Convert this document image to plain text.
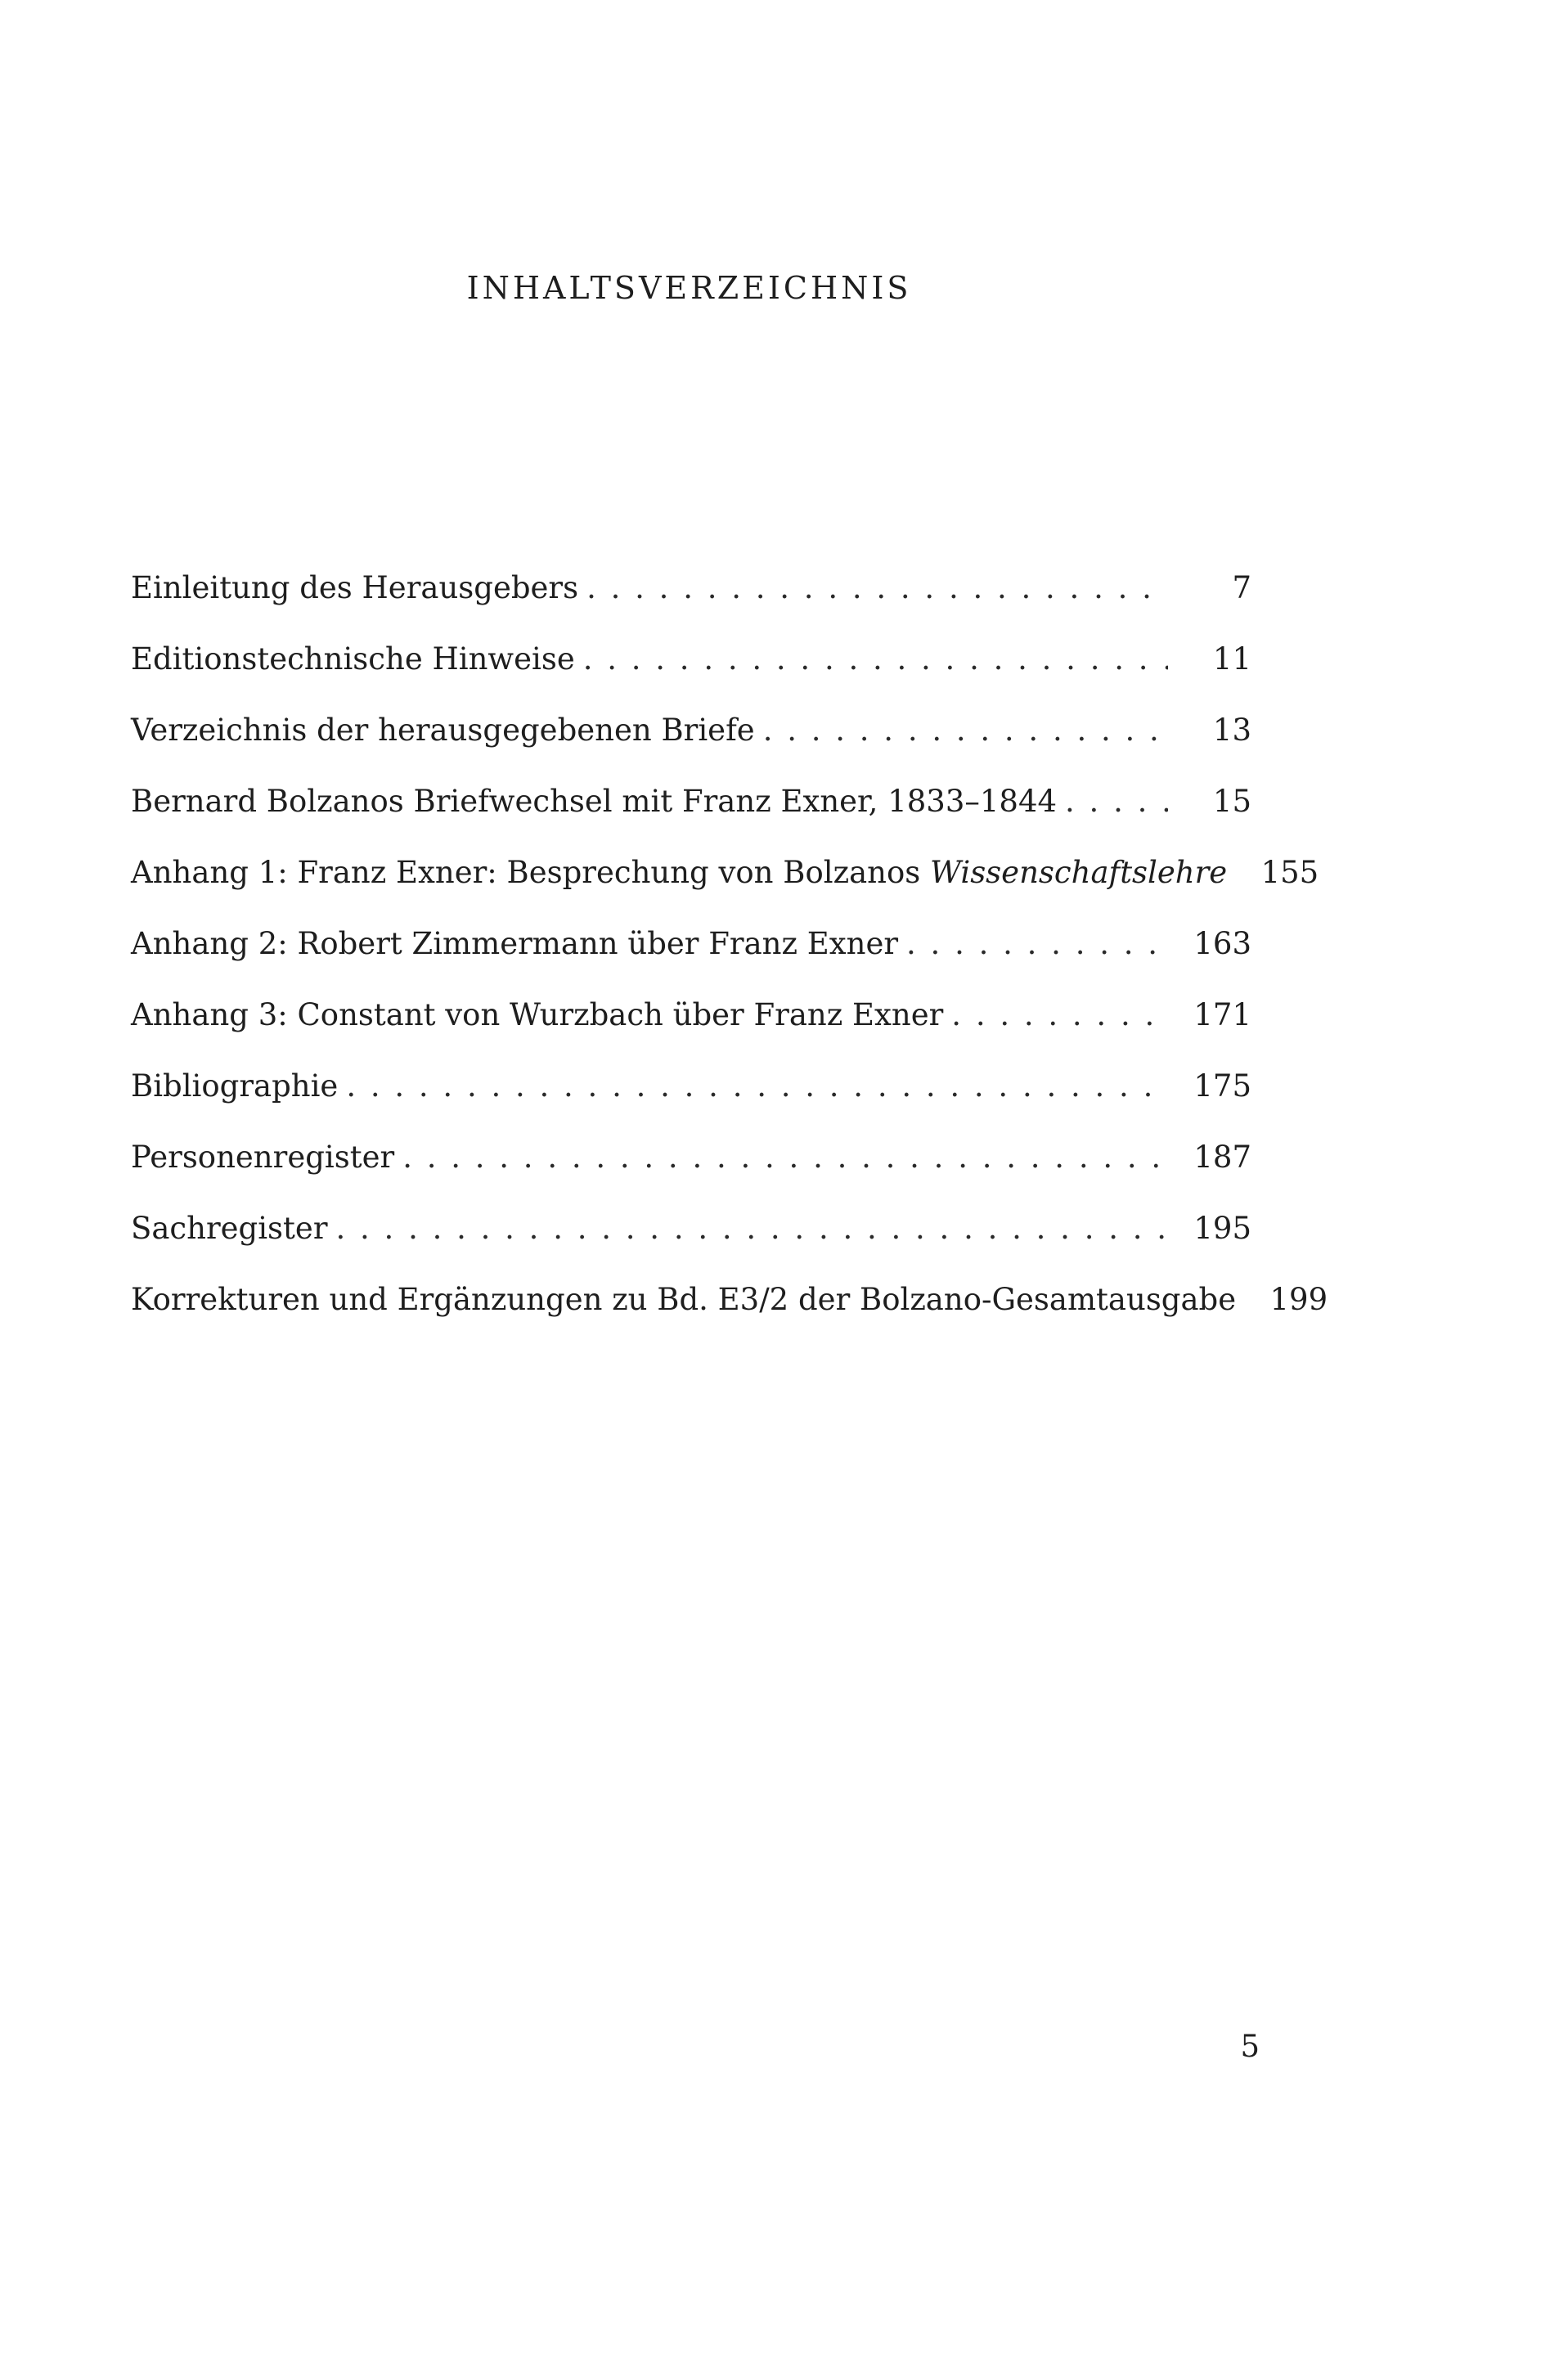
INHALTSVERZEICHNIS
Einleitung des Herausgebers . . .	7
Editionstechnische Hinweise . . .	11
Verzeichnis der herausgegebenen Briefe . . .	13
Bernard Bolzanos Briefwechsel mit Franz Exner, 1833–1844 . . .	15
Anhang 1: Franz Exner: Besprechung von Bolzanos Wissenschaftslehre	155
Anhang 2: Robert Zimmermann über Franz Exner . . .	163
Anhang 3: Constant von Wurzbach über Franz Exner . . .	171
Bibliographie . . .	175
Personenregister . . .	187
Sachregister . . .	195
Korrekturen und Ergänzungen zu Bd. E3/2 der Bolzano-Gesamtausgabe	199
5
